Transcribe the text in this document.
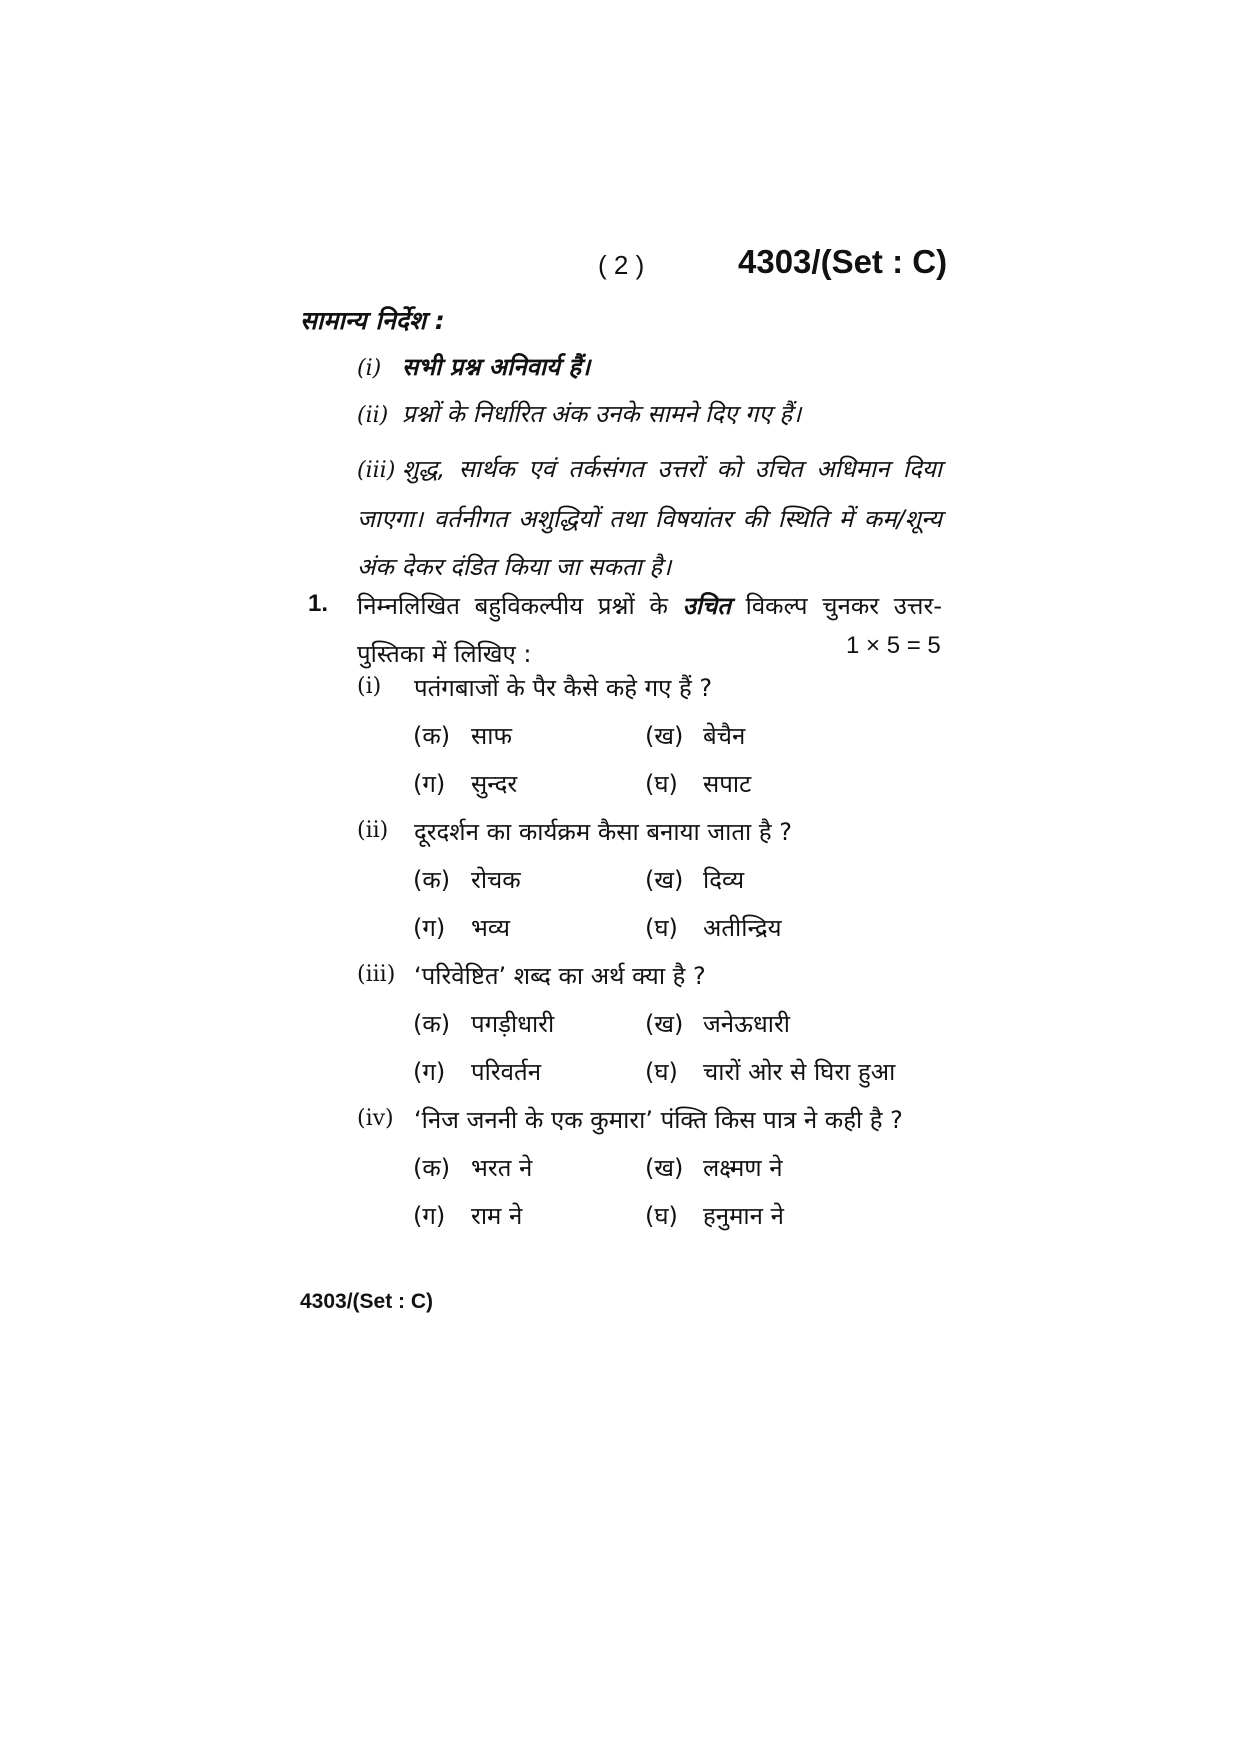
( 2 )	4303/(Set : C)
सामान्य निर्देश :
(i) सभी प्रश्न अनिवार्य हैं।
(ii) प्रश्नों के निर्धारित अंक उनके सामने दिए गए हैं।
(iii) शुद्ध, सार्थक एवं तर्कसंगत उत्तरों को उचित अधिमान दिया जाएगा। वर्तनीगत अशुद्धियों तथा विषयांतर की स्थिति में कम/शून्य अंक देकर दंडित किया जा सकता है।
1. निम्नलिखित बहुविकल्पीय प्रश्नों के उचित विकल्प चुनकर उत्तर-पुस्तिका में लिखिए :	1 × 5 = 5
(i) पतंगबाजों के पैर कैसे कहे गए हैं ?
(क) साफ	(ख) बेचैन
(ग) सुन्दर	(घ) सपाट
(ii) दूरदर्शन का कार्यक्रम कैसा बनाया जाता है ?
(क) रोचक	(ख) दिव्य
(ग) भव्य	(घ) अतीन्द्रिय
(iii) ‘परिवेष्टित’ शब्द का अर्थ क्या है ?
(क) पगड़ीधारी	(ख) जनेऊधारी
(ग) परिवर्तन	(घ) चारों ओर से घिरा हुआ
(iv) ‘निज जननी के एक कुमारा’ पंक्ति किस पात्र ने कही है ?
(क) भरत ने	(ख) लक्ष्मण ने
(ग) राम ने	(घ) हनुमान ने
4303/(Set : C)
